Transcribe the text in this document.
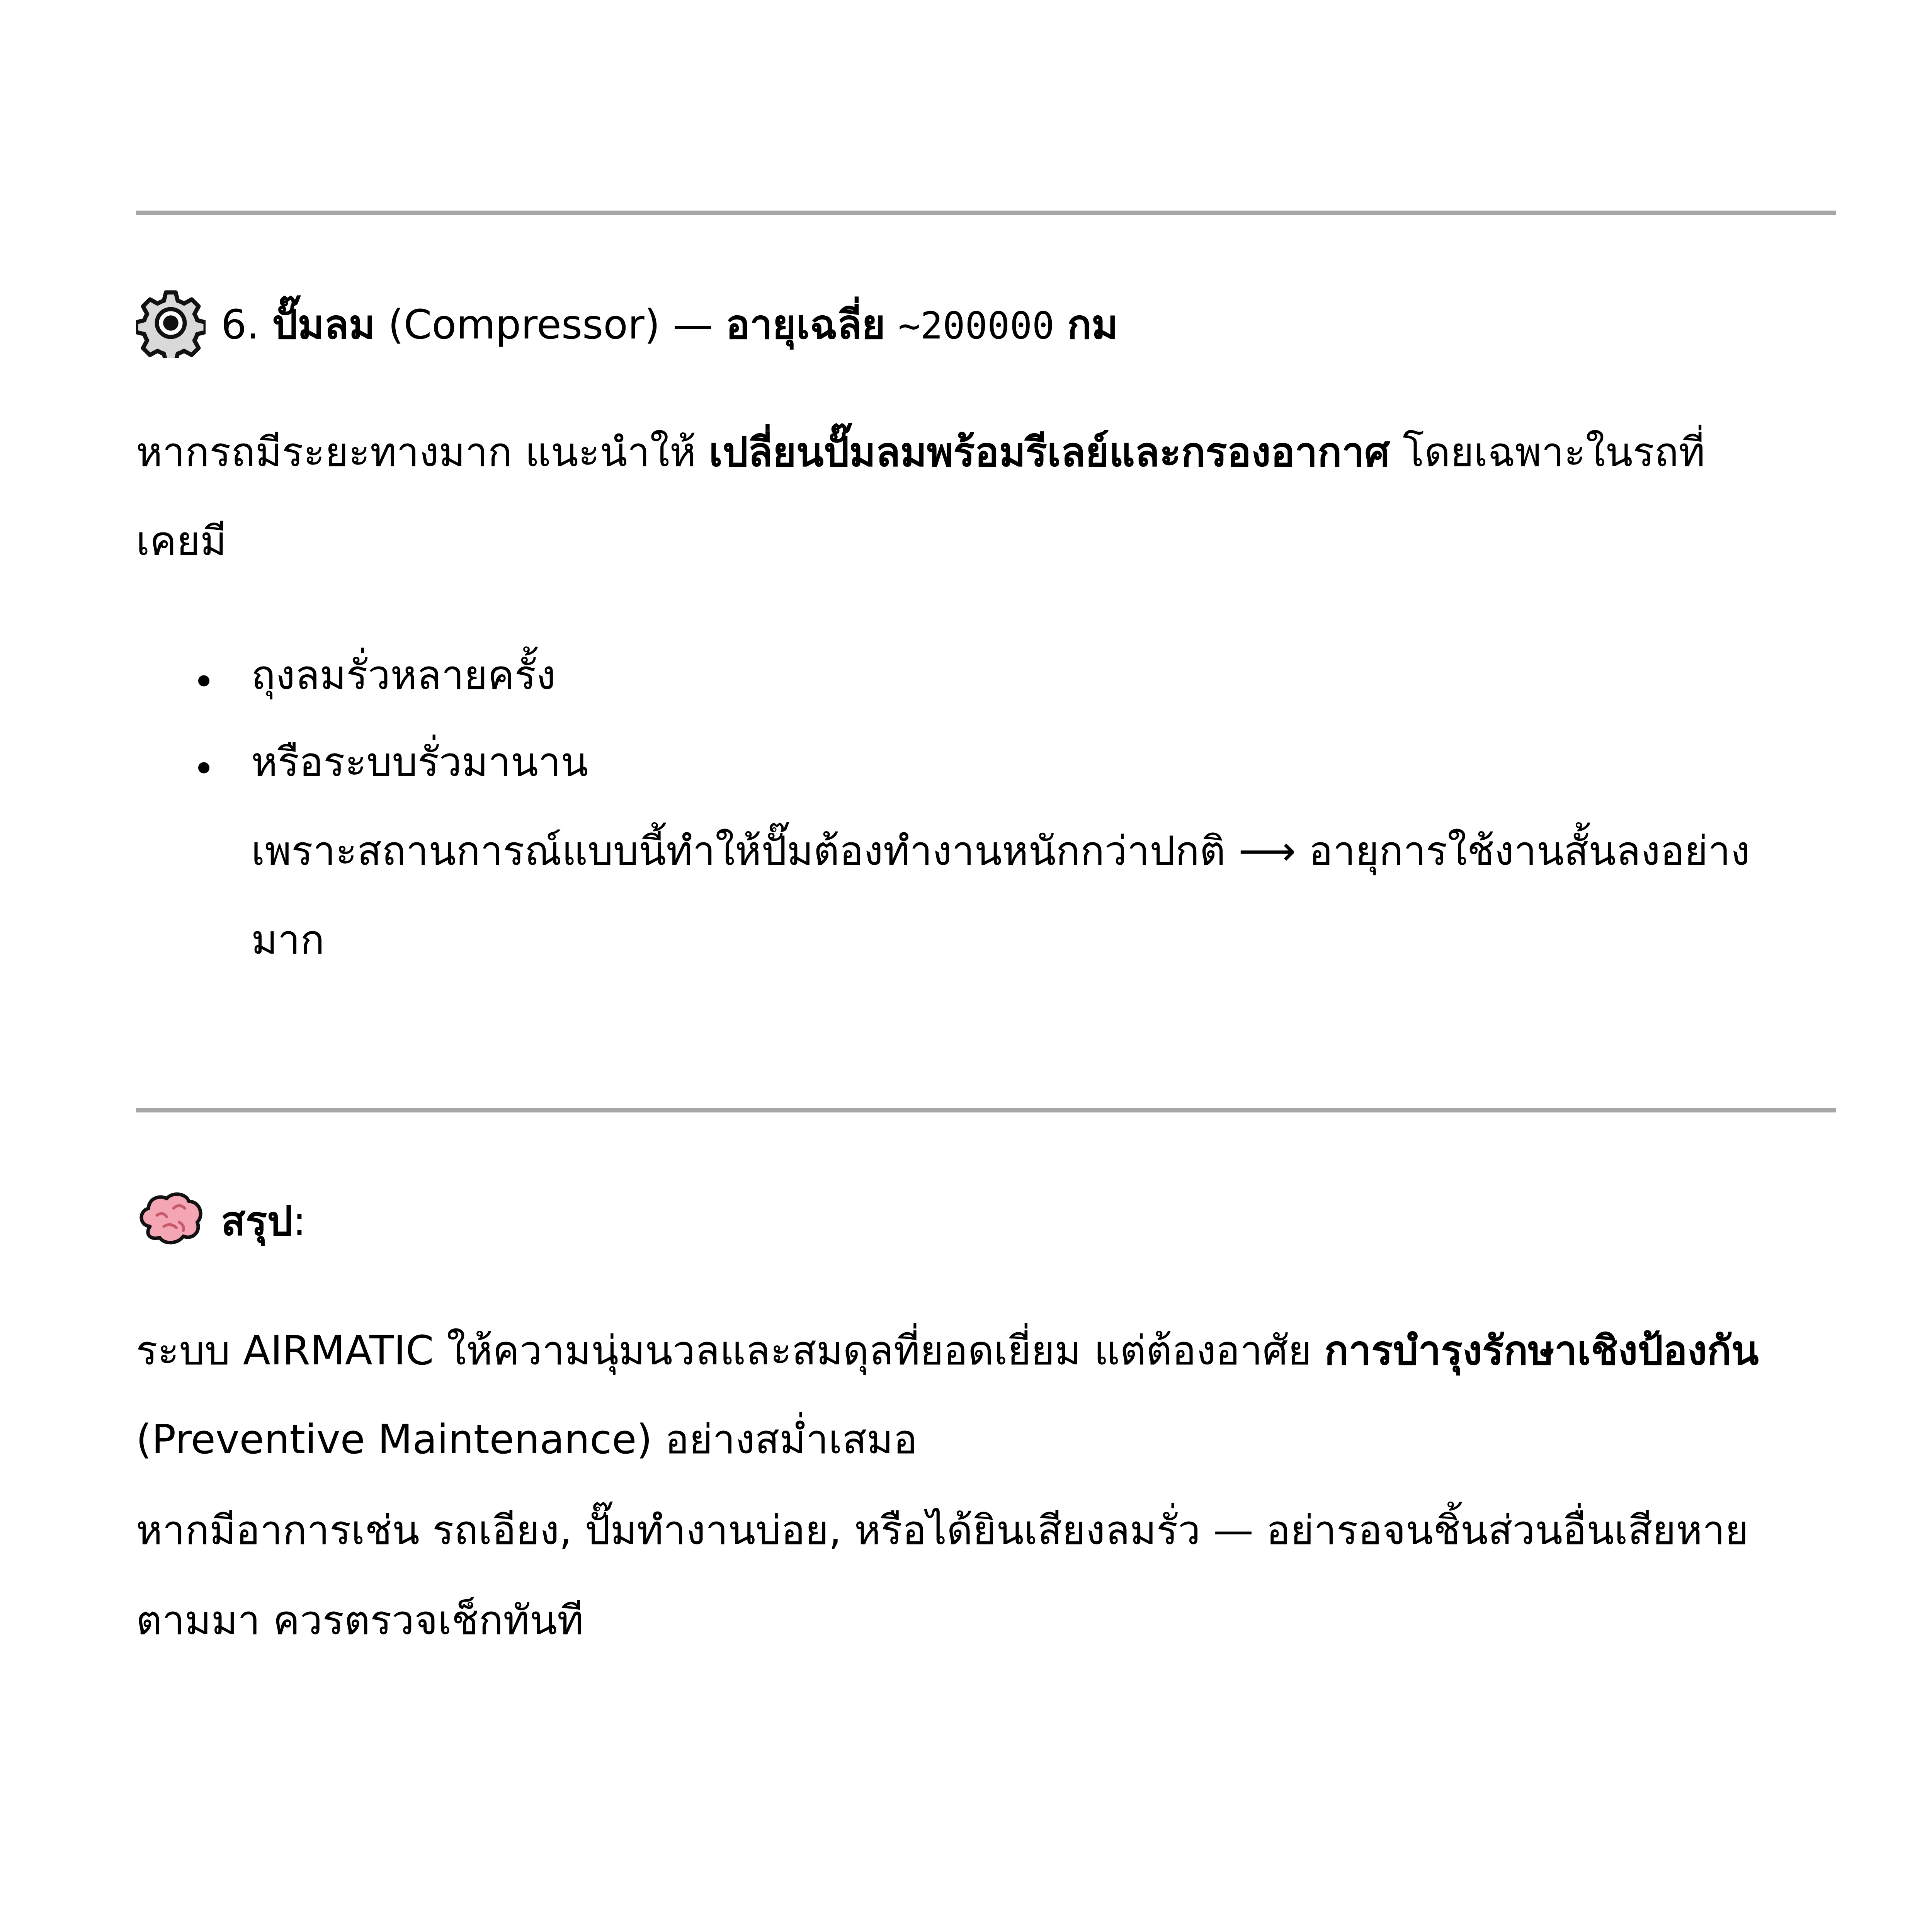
6. ปั๊มลม (Compressor) — อายุเฉลี่ย ~200000 กม
หากรถมีระยะทางมาก แนะนำให้ เปลี่ยนปั๊มลมพร้อมรีเลย์และกรองอากาศ โดยเฉพาะในรถที่
เคยมี
• ถุงลมรั่วหลายครั้ง
• หรือระบบรั่วมานาน
เพราะสถานการณ์แบบนี้ทำให้ปั๊มต้องทำงานหนักกว่าปกติ ⟶ อายุการใช้งานสั้นลงอย่าง
มาก
สรุป:
ระบบ AIRMATIC ให้ความนุ่มนวลและสมดุลที่ยอดเยี่ยม แต่ต้องอาศัย การบำรุงรักษาเชิงป้องกัน
(Preventive Maintenance) อย่างสม่ำเสมอ
หากมีอาการเช่น รถเอียง, ปั๊มทำงานบ่อย, หรือได้ยินเสียงลมรั่ว — อย่ารอจนชิ้นส่วนอื่นเสียหาย
ตามมา ควรตรวจเช็กทันที
